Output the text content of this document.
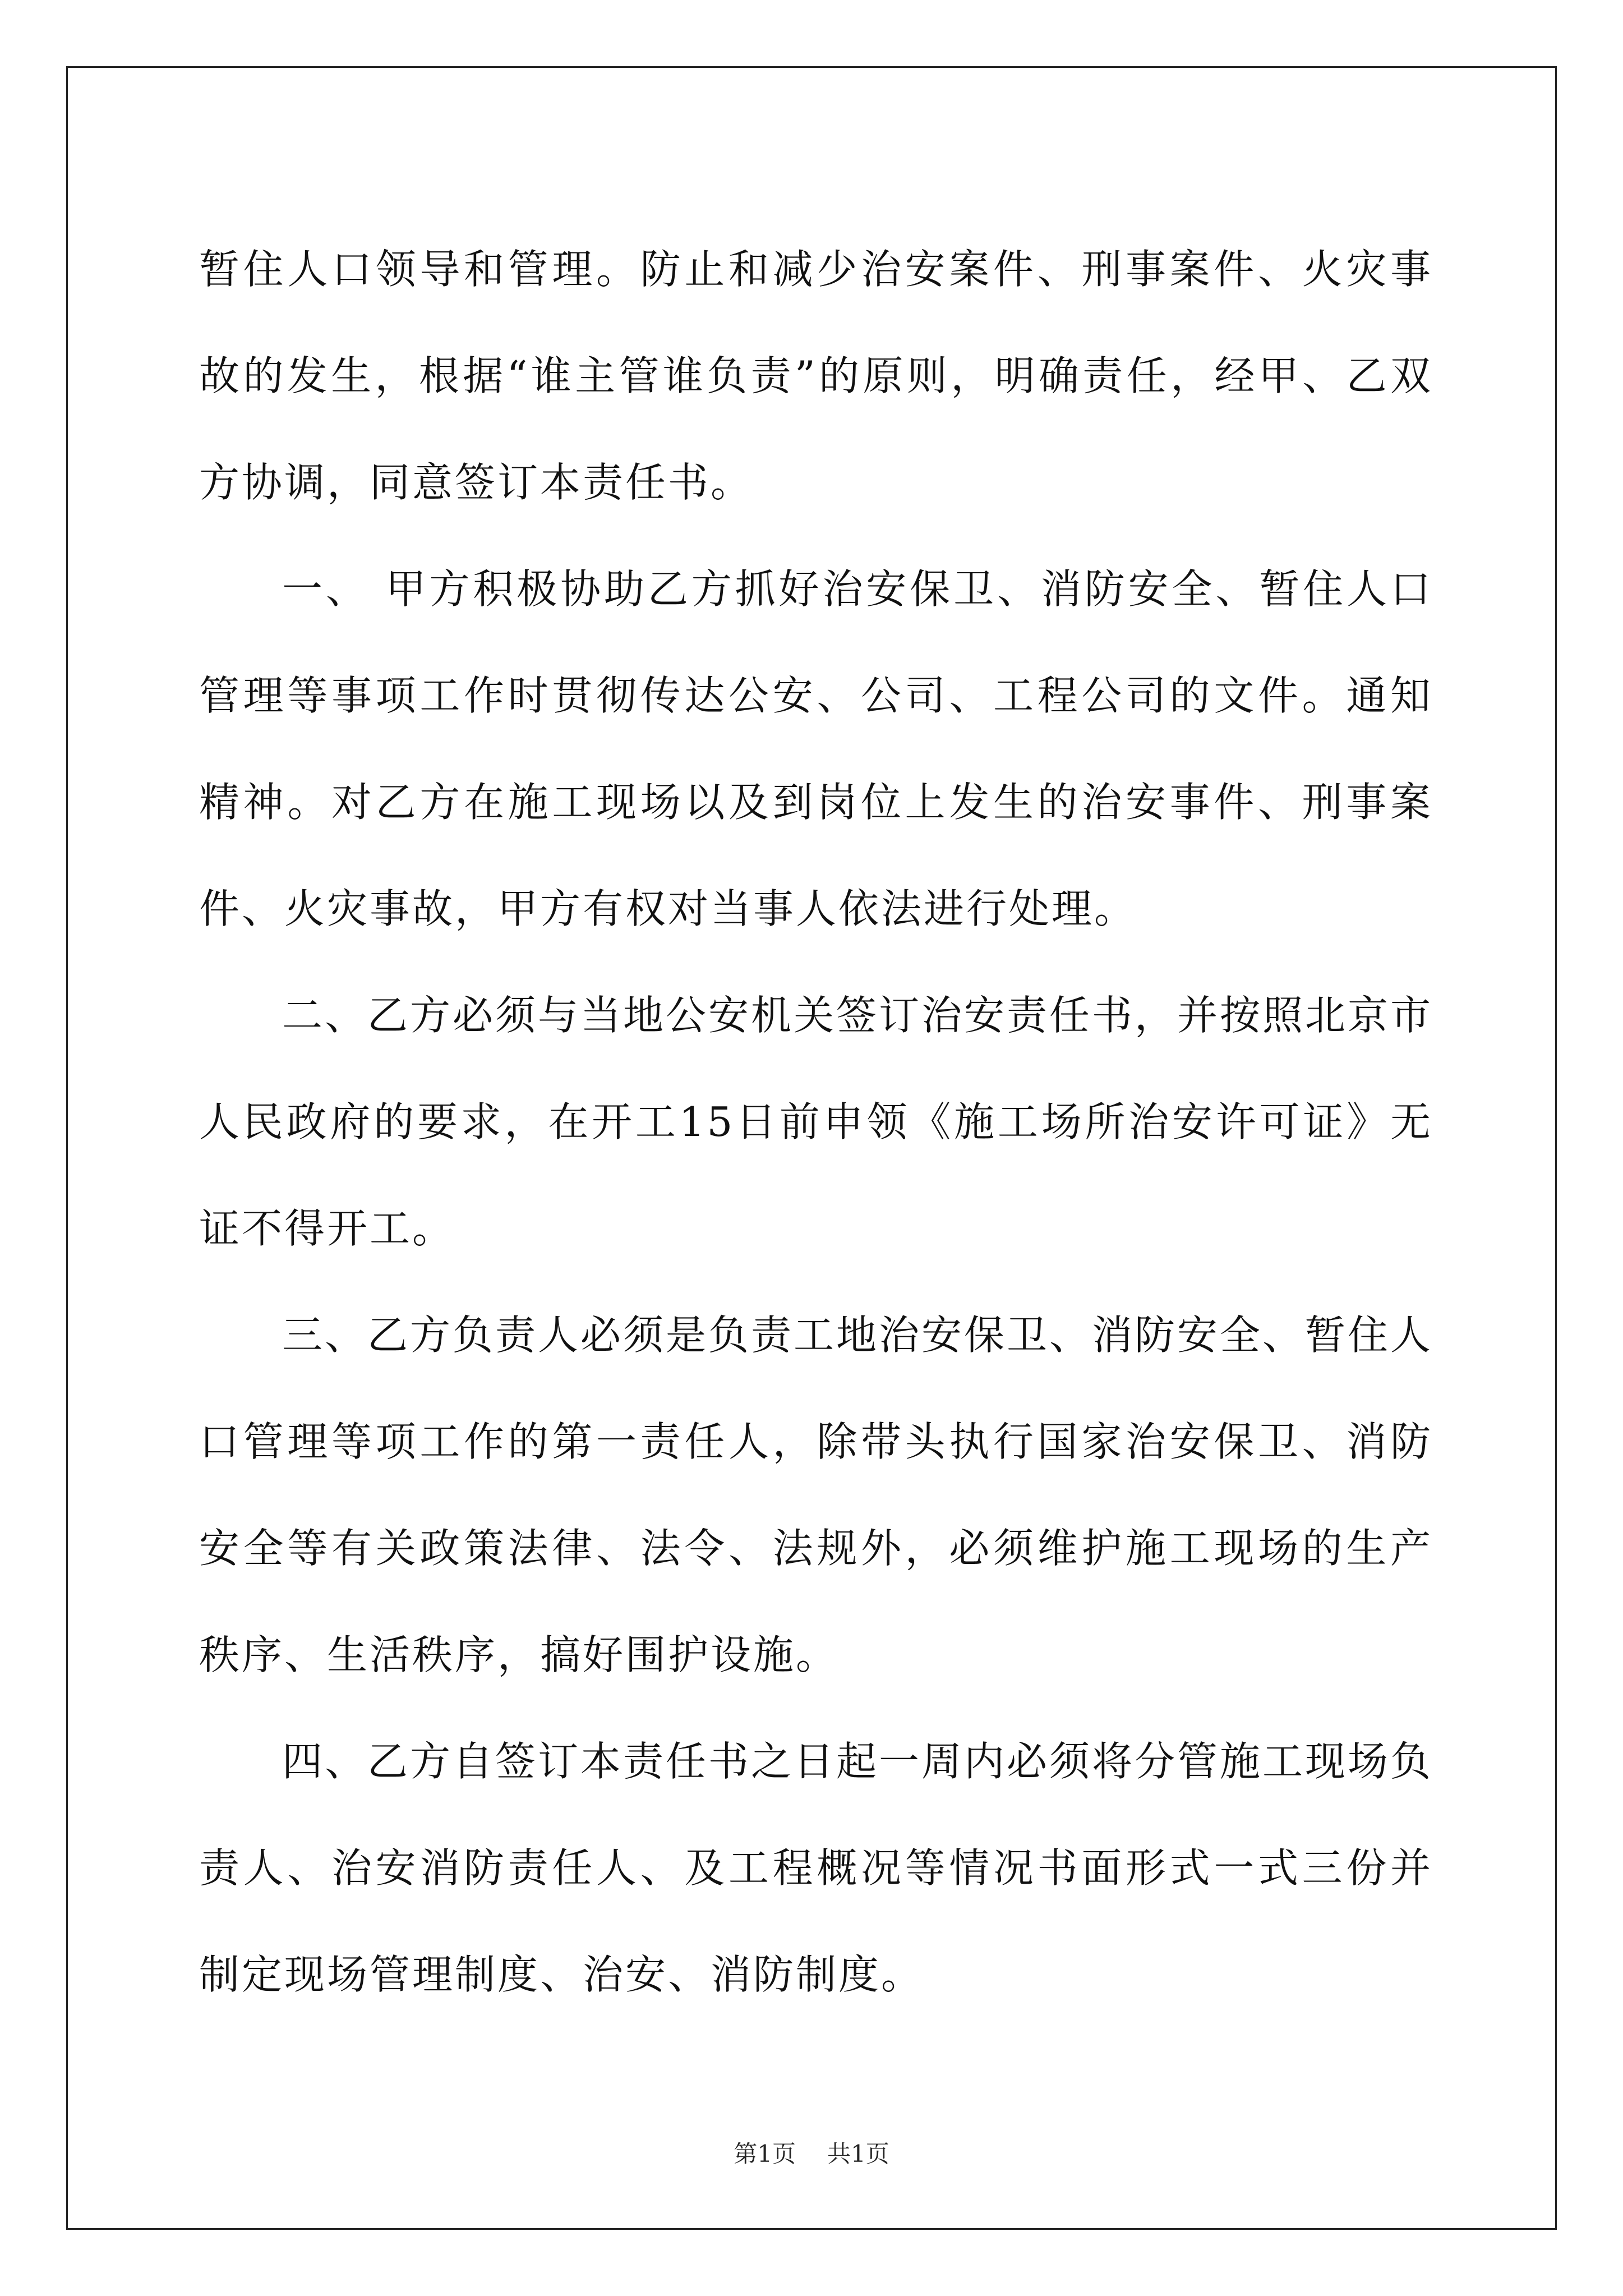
暂住人口领导和管理。防止和减少治安案件、刑事案件、火灾事故的发生，根据“谁主管谁负责”的原则，明确责任，经甲、乙双方协调，同意签订本责任书。

一、 甲方积极协助乙方抓好治安保卫、消防安全、暂住人口管理等事项工作时贯彻传达公安、公司、工程公司的文件。通知精神。对乙方在施工现场以及到岗位上发生的治安事件、刑事案件、火灾事故，甲方有权对当事人依法进行处理。

二、乙方必须与当地公安机关签订治安责任书，并按照北京市人民政府的要求，在开工15日前申领《施工场所治安许可证》无证不得开工。

三、乙方负责人必须是负责工地治安保卫、消防安全、暂住人口管理等项工作的第一责任人，除带头执行国家治安保卫、消防安全等有关政策法律、法令、法规外，必须维护施工现场的生产秩序、生活秩序，搞好围护设施。

四、乙方自签订本责任书之日起一周内必须将分管施工现场负责人、治安消防责任人、及工程概况等情况书面形式一式三份并制定现场管理制度、治安、消防制度。

第1页 共1页
